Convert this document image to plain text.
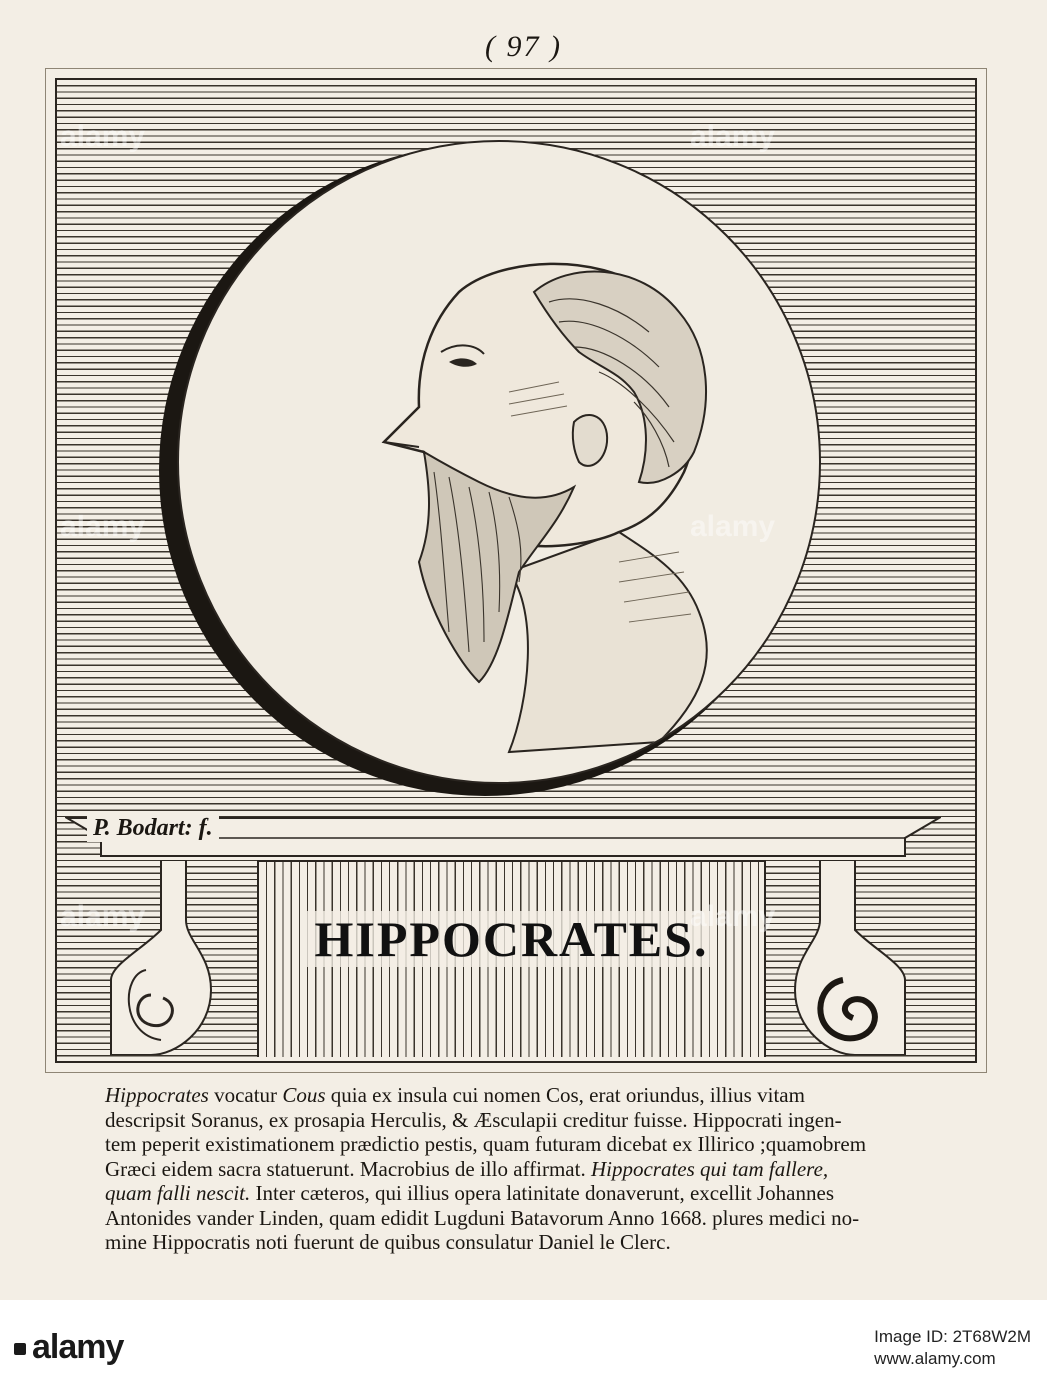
( 97 )
P. Bodart: f.
HIPPOCRATES.

Hippocrates vocatur Cous quia ex insula cui nomen Cos, erat oriundus, illius vitam

descripsit Soranus, ex prosapia Herculis, & Æsculapii creditur fuisse. Hippocrati ingen-

tem peperit existimationem prædictio pestis, quam futuram dicebat ex Illirico ;quamobrem

Græci eidem sacra statuerunt. Macrobius de illo affirmat. Hippocrates qui tam fallere,

quam falli nescit. Inter cæteros, qui illius opera latinitate donaverunt, excellit Johannes

Antonides vander Linden, quam edidit Lugduni Batavorum Anno 1668. plures medici no-

mine Hippocratis noti fuerunt de quibus consulatur Daniel le Clerc.

alamy	alamy
alamy	alamy
alamy	alamy
alamy	Image ID: 2T68W2M
www.alamy.com
